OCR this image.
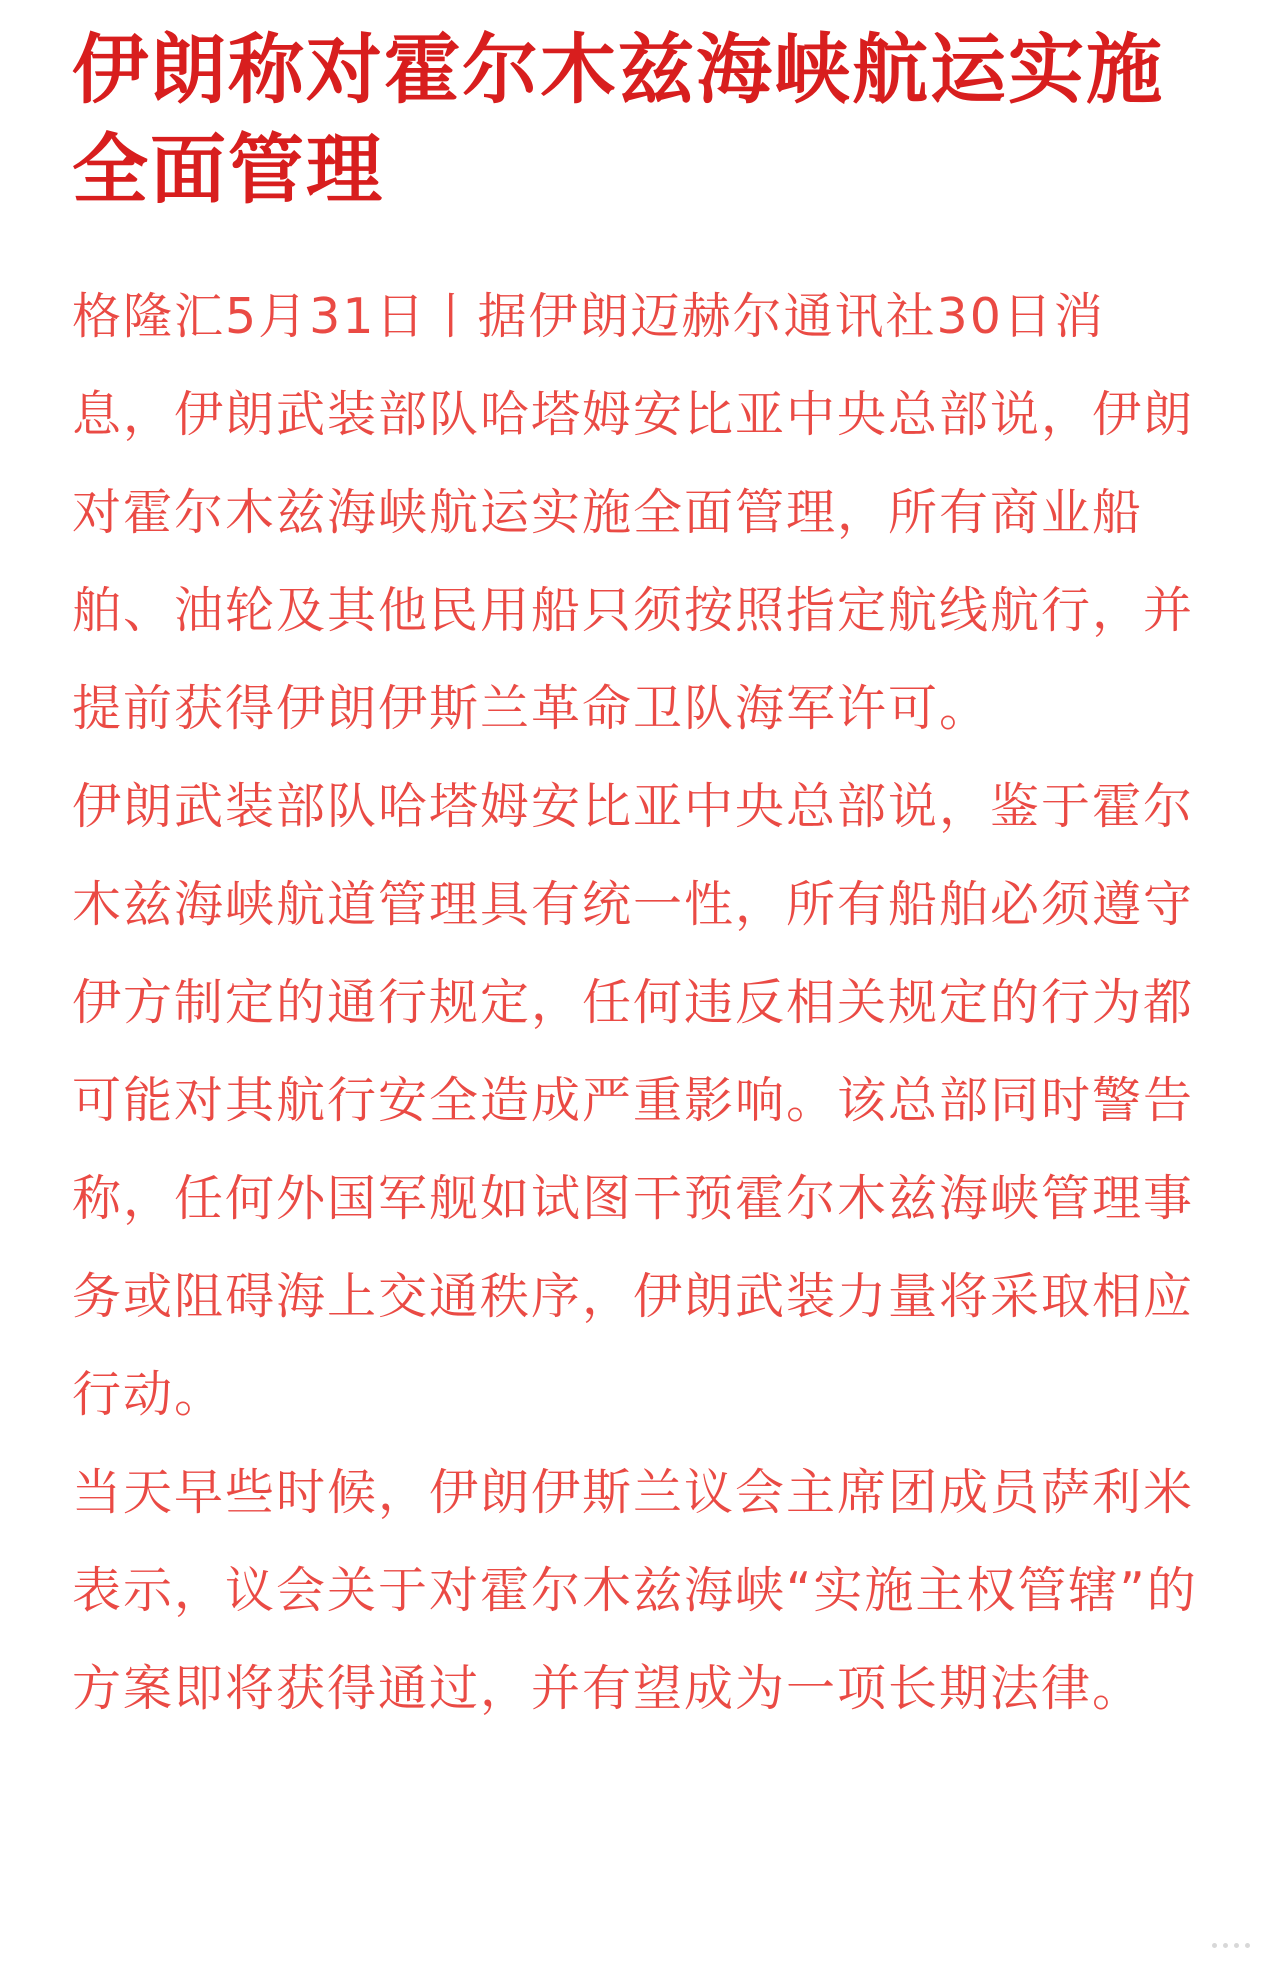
伊朗称对霍尔木兹海峡航运实施全面管理

格隆汇5月31日丨据伊朗迈赫尔通讯社30日消息，伊朗武装部队哈塔姆安比亚中央总部说，伊朗对霍尔木兹海峡航运实施全面管理，所有商业船舶、油轮及其他民用船只须按照指定航线航行，并提前获得伊朗伊斯兰革命卫队海军许可。

伊朗武装部队哈塔姆安比亚中央总部说，鉴于霍尔木兹海峡航道管理具有统一性，所有船舶必须遵守伊方制定的通行规定，任何违反相关规定的行为都可能对其航行安全造成严重影响。该总部同时警告称，任何外国军舰如试图干预霍尔木兹海峡管理事务或阻碍海上交通秩序，伊朗武装力量将采取相应行动。

当天早些时候，伊朗伊斯兰议会主席团成员萨利米表示，议会关于对霍尔木兹海峡“实施主权管辖”的方案即将获得通过，并有望成为一项长期法律。
